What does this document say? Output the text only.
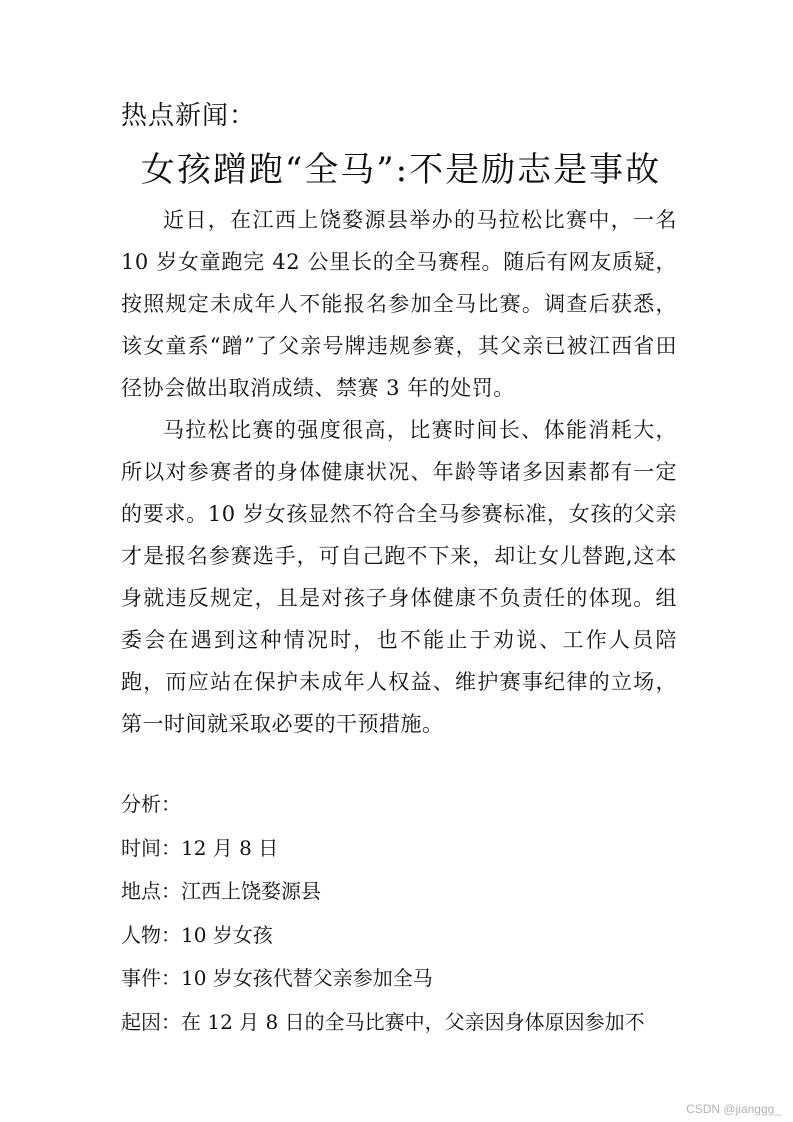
热点新闻：
女孩蹭跑“全马”:不是励志是事故

近日，在江西上饶婺源县举办的马拉松比赛中，一名 10 岁女童跑完 42 公里长的全马赛程。随后有网友质疑，按照规定未成年人不能报名参加全马比赛。调查后获悉，该女童系“蹭”了父亲号牌违规参赛，其父亲已被江西省田径协会做出取消成绩、禁赛 3 年的处罚。

马拉松比赛的强度很高，比赛时间长、体能消耗大，所以对参赛者的身体健康状况、年龄等诸多因素都有一定的要求。10 岁女孩显然不符合全马参赛标准，女孩的父亲才是报名参赛选手，可自己跑不下来，却让女儿替跑,这本身就违反规定，且是对孩子身体健康不负责任的体现。组委会在遇到这种情况时，也不能止于劝说、工作人员陪跑，而应站在保护未成年人权益、维护赛事纪律的立场，第一时间就采取必要的干预措施。

分析：
时间：12 月 8 日
地点：江西上饶婺源县
人物：10 岁女孩
事件：10 岁女孩代替父亲参加全马
起因：在 12 月 8 日的全马比赛中，父亲因身体原因参加不
CSDN @jianggg_
